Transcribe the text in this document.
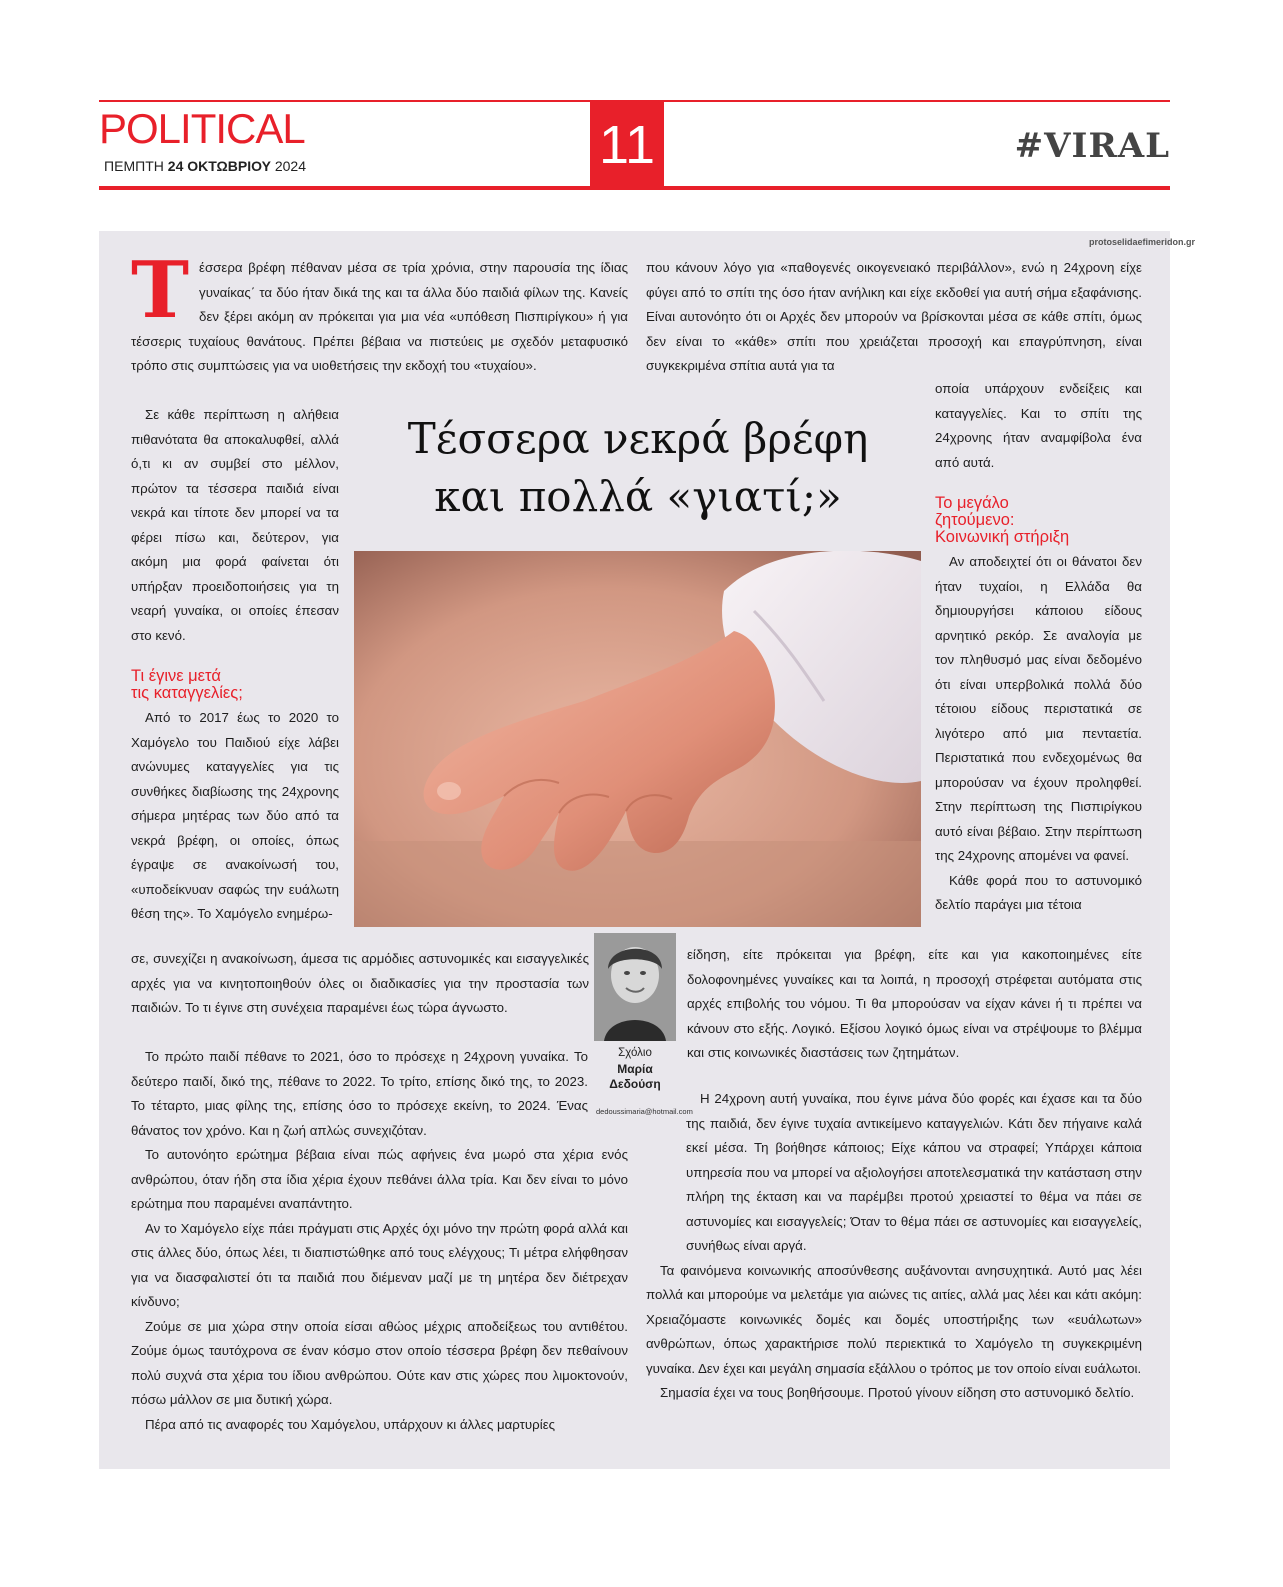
POLITICAL
ΠΕΜΠΤΗ 24 ΟΚΤΩΒΡΙΟΥ 2024	11	#VIRAL
protoselidaefimeridon.gr

Τέσσερα βρέφη πέθαναν μέσα σε τρία χρόνια, στην παρουσία της ίδιας γυναίκας΄ τα δύο ήταν δικά της και τα άλλα δύο παιδιά φίλων της. Κανείς δεν ξέρει ακόμη αν πρόκειται για μια νέα «υπόθεση Πισπιρίγκου» ή για τέσσερις τυχαίους θανάτους. Πρέπει βέβαια να πιστεύεις με σχεδόν μεταφυσικό τρόπο στις συμπτώσεις για να υιοθετήσεις την εκδοχή του «τυχαίου».

Σε κάθε περίπτωση η αλήθεια πιθανότατα θα αποκαλυφθεί, αλλά ό,τι κι αν συμβεί στο μέλλον, πρώτον τα τέσσερα παιδιά είναι νεκρά και τίποτε δεν μπορεί να τα φέρει πίσω και, δεύτερον, για ακόμη μια φορά φαίνεται ότι υπήρξαν προειδοποιήσεις για τη νεαρή γυναίκα, οι οποίες έπεσαν στο κενό.

Τι έγινε μετά
τις καταγγελίες;

Από το 2017 έως το 2020 το Χαμόγελο του Παιδιού είχε λάβει ανώνυμες καταγγελίες για τις συνθήκες διαβίωσης της 24χρονης σήμερα μητέρας των δύο από τα νεκρά βρέφη, οι οποίες, όπως έγραψε σε ανακοίνωσή του, «υποδείκνυαν σαφώς την ευάλωτη θέση της». Το Χαμόγελο ενημέρω-

σε, συνεχίζει η ανακοίνωση, άμεσα τις αρμόδιες αστυνομικές και εισαγγελικές αρχές για να κινητοποιηθούν όλες οι διαδικασίες για την προστασία των παιδιών. Το τι έγινε στη συνέχεια παραμένει έως τώρα άγνωστο.

Το πρώτο παιδί πέθανε το 2021, όσο το πρόσεχε η 24χρονη γυναίκα. Το δεύτερο παιδί, δικό της, πέθανε το 2022. Το τρίτο, επίσης δικό της, το 2023. Το τέταρτο, μιας φίλης της, επίσης όσο το πρόσεχε εκείνη, το 2024. Ένας θάνατος τον χρόνο. Και η ζωή απλώς συνεχιζόταν.

Το αυτονόητο ερώτημα βέβαια είναι πώς αφήνεις ένα μωρό στα χέρια ενός ανθρώπου, όταν ήδη στα ίδια χέρια έχουν πεθάνει άλλα τρία. Και δεν είναι το μόνο ερώτημα που παραμένει αναπάντητο.

Αν το Χαμόγελο είχε πάει πράγματι στις Αρχές όχι μόνο την πρώτη φορά αλλά και στις άλλες δύο, όπως λέει, τι διαπιστώθηκε από τους ελέγχους; Τι μέτρα ελήφθησαν για να διασφαλιστεί ότι τα παιδιά που διέμεναν μαζί με τη μητέρα δεν διέτρεχαν κίνδυνο;

Ζούμε σε μια χώρα στην οποία είσαι αθώος μέχρις αποδείξεως του αντιθέτου. Ζούμε όμως ταυτόχρονα σε έναν κόσμο στον οποίο τέσσερα βρέφη δεν πεθαίνουν πολύ συχνά στα χέρια του ίδιου ανθρώπου. Ούτε καν στις χώρες που λιμοκτονούν, πόσω μάλλον σε μια δυτική χώρα.

Πέρα από τις αναφορές του Χαμόγελου, υπάρχουν κι άλλες μαρτυρίες

που κάνουν λόγο για «παθογενές οικογενειακό περιβάλλον», ενώ η 24χρονη είχε φύγει από το σπίτι της όσο ήταν ανήλικη και είχε εκδοθεί για αυτή σήμα εξαφάνισης. Είναι αυτονόητο ότι οι Αρχές δεν μπορούν να βρίσκονται μέσα σε κάθε σπίτι, όμως δεν είναι το «κάθε» σπίτι που χρειάζεται προσοχή και επαγρύπνηση, είναι συγκεκριμένα σπίτια αυτά για τα

οποία υπάρχουν ενδείξεις και καταγγελίες. Και το σπίτι της 24χρονης ήταν αναμφίβολα ένα από αυτά.

Το μεγάλο
ζητούμενο:
Κοινωνική στήριξη

Αν αποδειχτεί ότι οι θάνατοι δεν ήταν τυχαίοι, η Ελλάδα θα δημιουργήσει κάποιου είδους αρνητικό ρεκόρ. Σε αναλογία με τον πληθυσμό μας είναι δεδομένο ότι είναι υπερβολικά πολλά δύο τέτοιου είδους περιστατικά σε λιγότερο από μια πενταετία. Περιστατικά που ενδεχομένως θα μπορούσαν να έχουν προληφθεί. Στην περίπτωση της Πισπιρίγκου αυτό είναι βέβαιο. Στην περίπτωση της 24χρονης απομένει να φανεί.

Κάθε φορά που το αστυνομικό δελτίο παράγει μια τέτοια

είδηση, είτε πρόκειται για βρέφη, είτε και για κακοποιημένες είτε δολοφονημένες γυναίκες και τα λοιπά, η προσοχή στρέφεται αυτόματα στις αρχές επιβολής του νόμου. Τι θα μπορούσαν να είχαν κάνει ή τι πρέπει να κάνουν στο εξής. Λογικό. Εξίσου λογικό όμως είναι να στρέψουμε το βλέμμα και στις κοινωνικές διαστάσεις των ζητημάτων.

Η 24χρονη αυτή γυναίκα, που έγινε μάνα δύο φορές και έχασε και τα δύο της παιδιά, δεν έγινε τυχαία αντικείμενο καταγγελιών. Κάτι δεν πήγαινε καλά εκεί μέσα. Τη βοήθησε κάποιος; Είχε κάπου να στραφεί; Υπάρχει κάποια υπηρεσία που να μπορεί να αξιολογήσει αποτελεσματικά την κατάσταση στην πλήρη της έκταση και να παρέμβει προτού χρειαστεί το θέμα να πάει σε αστυνομίες και εισαγγελείς; Όταν το θέμα πάει σε αστυνομίες και εισαγγελείς, συνήθως είναι αργά.

Τα φαινόμενα κοινωνικής αποσύνθεσης αυξάνονται ανησυχητικά. Αυτό μας λέει πολλά και μπορούμε να μελετάμε για αιώνες τις αιτίες, αλλά μας λέει και κάτι ακόμη: Χρειαζόμαστε κοινωνικές δομές και δομές υποστήριξης των «ευάλωτων» ανθρώπων, όπως χαρακτήρισε πολύ περιεκτικά το Χαμόγελο τη συγκεκριμένη γυναίκα. Δεν έχει και μεγάλη σημασία εξάλλου ο τρόπος με τον οποίο είναι ευάλωτοι.

Σημασία έχει να τους βοηθήσουμε. Προτού γίνουν είδηση στο αστυνομικό δελτίο.

Τέσσερα νεκρά βρέφη
και πολλά «γιατί;»
Σχόλιο
Μαρία
Δεδούση
dedoussimaria@hotmail.com
